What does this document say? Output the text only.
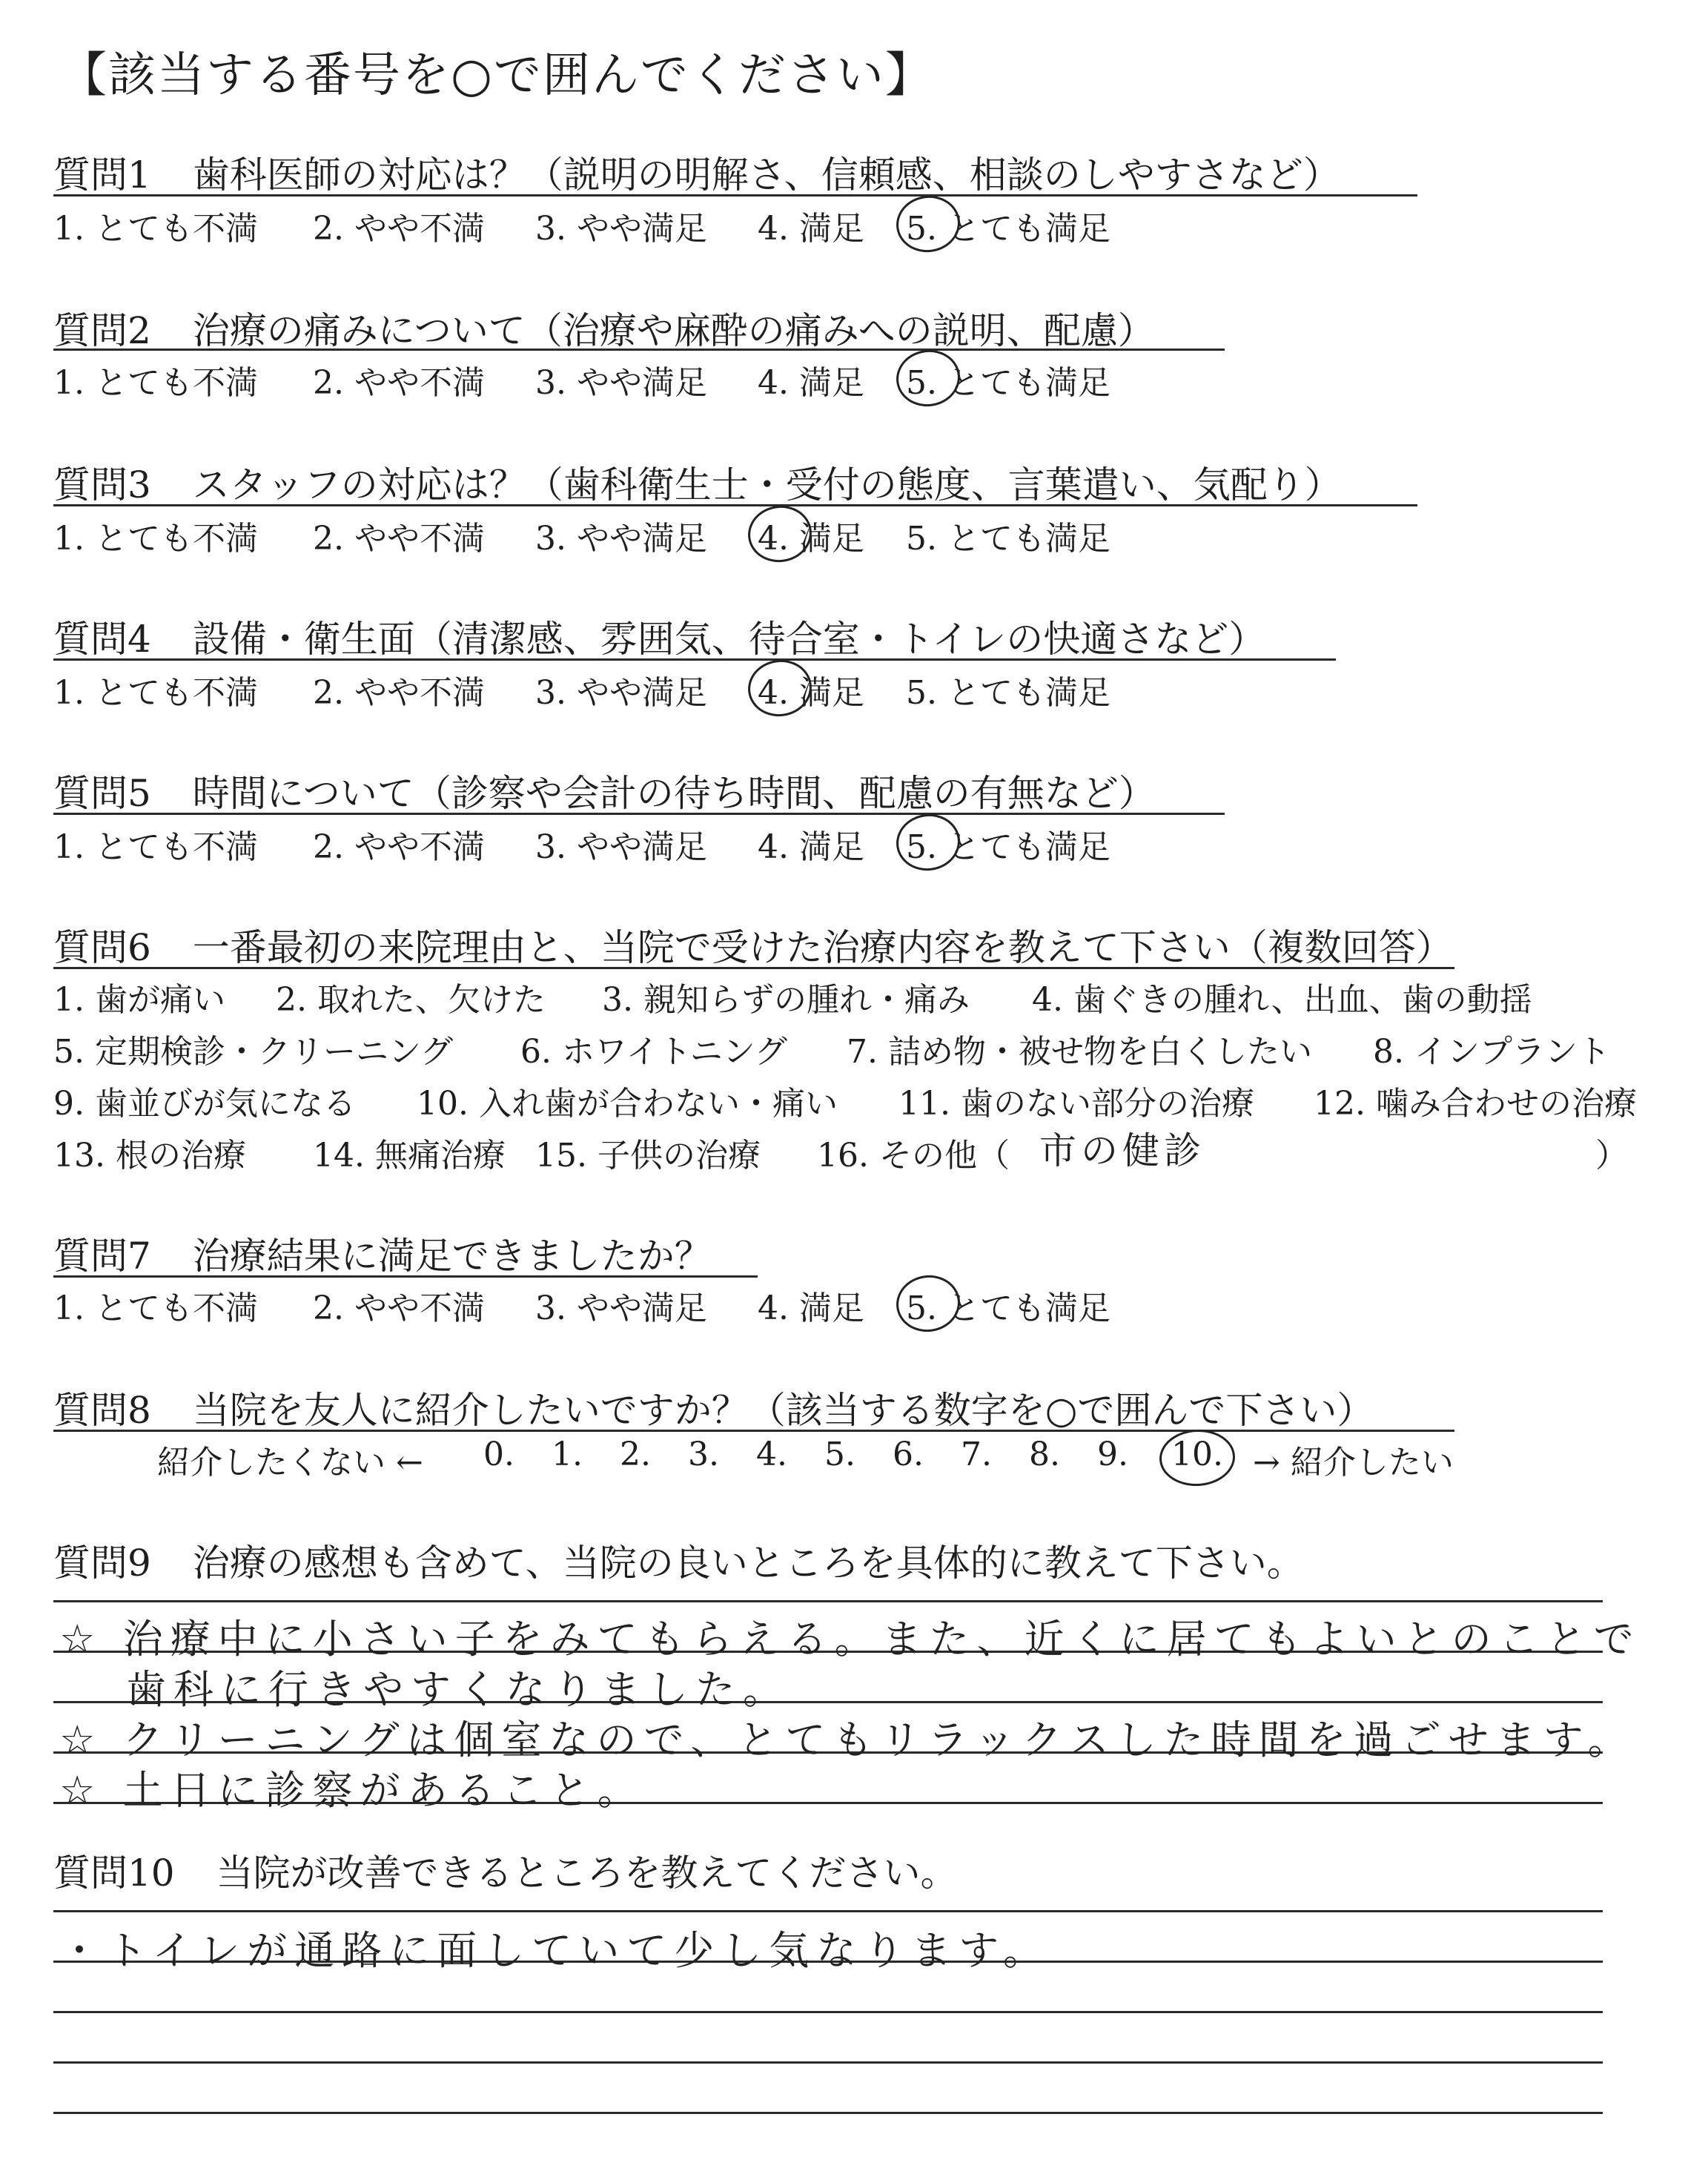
【該当する番号を○で囲んでください】
質問1 歯科医師の対応は？（説明の明解さ、信頼感、相談のしやすさなど）
1. とても不満 2. やや不満 3. やや満足 4. 満足 5. とても満足
質問2 治療の痛みについて（治療や麻酔の痛みへの説明、配慮）
1. とても不満 2. やや不満 3. やや満足 4. 満足 5. とても満足
質問3 スタッフの対応は？（歯科衛生士・受付の態度、言葉遣い、気配り）
1. とても不満 2. やや不満 3. やや満足 4. 満足 5. とても満足
質問4 設備・衛生面（清潔感、雰囲気、待合室・トイレの快適さなど）
1. とても不満 2. やや不満 3. やや満足 4. 満足 5. とても満足
質問5 時間について（診察や会計の待ち時間、配慮の有無など）
1. とても不満 2. やや不満 3. やや満足 4. 満足 5. とても満足
質問6 一番最初の来院理由と、当院で受けた治療内容を教えて下さい（複数回答）
1. 歯が痛い 2. 取れた、欠けた 3. 親知らずの腫れ・痛み 4. 歯ぐきの腫れ、出血、歯の動揺
5. 定期検診・クリーニング 6. ホワイトニング 7. 詰め物・被せ物を白くしたい 8. インプラント
9. 歯並びが気になる 10. 入れ歯が合わない・痛い 11. 歯のない部分の治療 12. 噛み合わせの治療
13. 根の治療 14. 無痛治療 15. 子供の治療 16. その他（	）
市の健診
質問7 治療結果に満足できましたか？
1. とても不満 2. やや不満 3. やや満足 4. 満足 5. とても満足
質問8 当院を友人に紹介したいですか？（該当する数字を○で囲んで下さい）
紹介したくない ← 0. 1. 2. 3. 4. 5. 6. 7. 8. 9. 10. → 紹介したい
質問9 治療の感想も含めて、当院の良いところを具体的に教えて下さい。
☆ 治療中に小さい子をみてもらえる。また、近くに居てもよいとのことで
歯科に行きやすくなりました。
☆ クリーニングは個室なので、とてもリラックスした時間を過ごせます。
☆ 土日に診察があること。
質問10 当院が改善できるところを教えてください。
・トイレが通路に面していて少し気なります。
